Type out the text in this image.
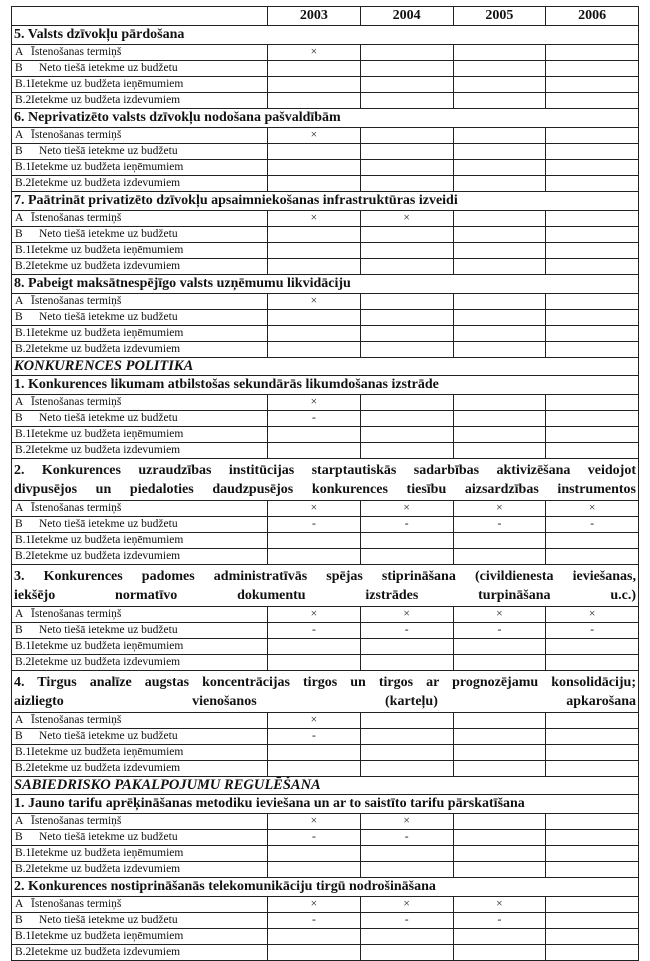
	2003	2004	2005	2006
5. Valsts dzīvokļu pārdošana				
A Īstenošanas termiņš	×			
B Neto tiešā ietekme uz budžetu				
B.1.Ietekme uz budžeta ieņēmumiem				
B.2.Ietekme uz budžeta izdevumiem				
6. Neprivatizēto valsts dzīvokļu nodošana pašvaldībām				
A Īstenošanas termiņš	×			
B Neto tiešā ietekme uz budžetu				
B.1.Ietekme uz budžeta ieņēmumiem				
B.2.Ietekme uz budžeta izdevumiem				
7. Paātrināt privatizēto dzīvokļu apsaimniekošanas infrastruktūras izveidi				
A Īstenošanas termiņš	×	×		
B Neto tiešā ietekme uz budžetu				
B.1.Ietekme uz budžeta ieņēmumiem				
B.2.Ietekme uz budžeta izdevumiem				
8. Pabeigt maksātnespējīgo valsts uzņēmumu likvidāciju				
A Īstenošanas termiņš	×			
B Neto tiešā ietekme uz budžetu				
B.1.Ietekme uz budžeta ieņēmumiem				
B.2.Ietekme uz budžeta izdevumiem				
KONKURENCES POLITIKA				
1. Konkurences likumam atbilstošas sekundārās likumdošanas izstrāde				
A Īstenošanas termiņš	×			
B Neto tiešā ietekme uz budžetu	-			
B.1.Ietekme uz budžeta ieņēmumiem				
B.2.Ietekme uz budžeta izdevumiem				

2. Konkurences uzraudzības institūcijas starptautiskās sadarbības aktivizēšana veidojot
divpusējos un piedaloties daudzpusējos konkurences tiesību aizsardzības instrumentos				

A Īstenošanas termiņš	×	×	×	×
B Neto tiešā ietekme uz budžetu	-	-	-	-
B.1.Ietekme uz budžeta ieņēmumiem				
B.2.Ietekme uz budžeta izdevumiem				

3. Konkurences padomes administratīvās spējas stiprināšana (civildienesta ieviešanas,
iekšējo normatīvo dokumentu izstrādes turpināšana u.c.)				

A Īstenošanas termiņš	×	×	×	×
B Neto tiešā ietekme uz budžetu	-	-	-	-
B.1.Ietekme uz budžeta ieņēmumiem				
B.2.Ietekme uz budžeta izdevumiem				

4. Tirgus analīze augstas koncentrācijas tirgos un tirgos ar prognozējamu konsolidāciju;
aizliegto vienošanos (karteļu) apkarošana				

A Īstenošanas termiņš	×			
B Neto tiešā ietekme uz budžetu	-			
B.1.Ietekme uz budžeta ieņēmumiem				
B.2.Ietekme uz budžeta izdevumiem				
SABIEDRISKO PAKALPOJUMU REGULĒŠANA				
1. Jauno tarifu aprēķināšanas metodiku ieviešana un ar to saistīto tarifu pārskatīšana				
A Īstenošanas termiņš	×	×		
B Neto tiešā ietekme uz budžetu	-	-		
B.1.Ietekme uz budžeta ieņēmumiem				
B.2.Ietekme uz budžeta izdevumiem				
2. Konkurences nostiprināšanās telekomunikāciju tirgū nodrošināšana				
A Īstenošanas termiņš	×	×	×	
B Neto tiešā ietekme uz budžetu	-	-	-	
B.1.Ietekme uz budžeta ieņēmumiem				
B.2.Ietekme uz budžeta izdevumiem				
